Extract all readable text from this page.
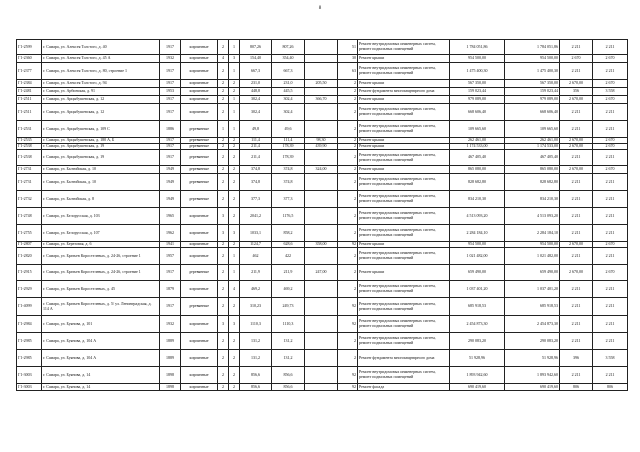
8
Г1-2599	г. Самара, ул. Алексея Толстого, д. 40	1917	кирпичные	2	1	807,26	807,26		51	Ремонт внутридомовых инженерных систем, ремонт подвальных помещений	1 784 051,86	1 784 051,86	2 211	2 211
Г1-2360	г. Самара, ул. Алексея Толстого, д. 45 А	1932	кирпичные	4	3	154,40	354,40		30	Ремонт крыши	954 500,00	954 500,00	2 670	2 670
Г1-2377	г. Самара, ул. Алексея Толстого, д. 80, строение 1	1917	кирпичные	2	1	667,3	667,3		63	Ремонт внутридомовых инженерных систем, ремонт подвальных помещений	1 475 400,30	1 475 400,30	2 211	2 211
Г1-2384	г. Самара, ул. Алексея Толстого, д. 94	1917	кирпичные	2	2	231,0	231,0	205,50	2	Ремонт крыши	567 350,00	567 350,00	2 670,00	2 670
Г1-2481	г. Самара, ул. Арбинская, д. 91	1953	кирпичные	2	2	448,8	445,5		2	Ремонт фундамента многоквартирного дома	159 023,44	159 023,44	356	3 558
Г1-2511	г. Самара, ул. Арцыбушевская, д. 12	1917	кирпичные	2	1	302,4	302,4	366,70	2	Ремонт крыши	979 089,00	979 089,00	2 670,00	2 670
Г1-2511	г. Самара, ул. Арцыбушевская, д. 12	1917	кирпичные	2	1	302,4	302,4		2	Ремонт внутридомовых инженерных систем, ремонт подвальных помещений	668 606,40	668 606,40	2 211	2 211
Г1-2531	г. Самара, ул. Арцыбушевская, д. 109 С	1886	деревянные	1	1	49,8	49,6		2	Ремонт внутридомовых инженерных систем, ремонт подвальных помещений	109 665,60	109 665,60	2 211	2 211
Г1-2535	г. Самара, ул. Арцыбушевская, д. 180 А, Б	1917	деревянные	2	2	111,4	111,4	98,30	2	Ремонт крыши	262 461,00	262 461,00	2 670,00	2 670
Г1-2538	г. Самара, ул. Арцыбушевская, д. 19	1917	деревянные	2	2	211,4	178,39	439,90	2	Ремонт крыши	1 174 533,00	1 174 533,00	2 670,00	2 670
Г1-2538	г. Самара, ул. Арцыбушевская, д. 19	1917	деревянные	2	2	211,4	178,39		2	Ремонт внутридомовых инженерных систем, ремонт подвальных помещений	467 405,40	467 405,40	2 211	2 211
Г1-2731	г. Самара, ул. Балтийская, д. 10	1949	деревянные	2	2	374,8	374,8	324,00	2	Ремонт крыши	865 080,00	865 080,00	2 670,00	2 670
Г1-2731	г. Самара, ул. Балтийская, д. 10	1949	деревянные	2	2	374,8	374,8		2	Ремонт внутридомовых инженерных систем, ремонт подвальных помещений	828 682,80	828 682,80	2 211	2 211
Г1-2732	г. Самара, ул. Балтийская, д. 8	1949	деревянные	2	2	377,3	377,3		2	Ремонт внутридомовых инженерных систем, ремонт подвальных помещений	834 210,30	834 210,30	2 211	2 211
Г1-2748	г. Самара, ул. Белорусская, д. 103	1965	кирпичные	3	2	2041,2	1176,5		2	Ремонт внутридомовых инженерных систем, ремонт подвальных помещений	4 513 093,20	4 513 093,20	2 211	2 211
Г1-2755	г. Самара, ул. Белорусская, д. 107	1962	кирпичные	3	3	1033,1	858,2		2	Ремонт внутридомовых инженерных систем, ремонт подвальных помещений	2 284 184,10	2 284 184,10	2 211	2 211
Г1-2807	г. Самара, ул. Березовая, д. 6	1941	кирпичные	2	2	1124,7	628,6	358,00	92	Ремонт крыши	954 500,00	954 500,00	2 670,00	2 670
Г1-2820	г. Самара, ул. Братьев Коростелевых, д. 24-26, строение 1	1957	кирпичные	2	1	462	422		2	Ремонт внутридомовых инженерных систем, ремонт подвальных помещений	1 021 482,00	1 021 482,00	2 211	2 211
Г1-2915	г. Самара, ул. Братьев Коростелевых, д. 24-26, строение 1	1917	деревянные	2	1	211,9	211,9	247,00	2	Ремонт крыши	659 490,00	659 490,00	2 670,00	2 670
Г1-2929	г. Самара, ул. Братьев Коростелевых, д. 45	1879	кирпичные	2	4	469,2	469,2		2	Ремонт внутридомовых инженерных систем, ремонт подвальных помещений	1 037 401,20	1 037 401,20	2 211	2 211
Г1-4099	г. Самара, ул. Братьев Коростелевых, д. 5/ ул. Ленинградская, д. 114 А	1917	деревянные	2	2	310,23	249,73		92	Ремонт внутридомовых инженерных систем, ремонт подвальных помещений	685 918,53	685 918,53	2 211	2 211
Г1-2984	г. Самара, ул. Буянова, д. 101	1932	кирпичные	3	3	1110,3	1110,3		92	Ремонт внутридомовых инженерных систем, ремонт подвальных помещений	2 454 873,30	2 454 873,30	2 211	2 211
Г1-2985	г. Самара, ул. Буянова, д. 104 А	1889	кирпичные	2	2	131,2	131,2		2	Ремонт внутридомовых инженерных систем, ремонт подвальных помещений	290 083,20	290 083,20	2 211	2 211
Г1-2985	г. Самара, ул. Буянова, д. 104 А	1889	кирпичные	2	2	131,2	131,2		2	Ремонт фундамента многоквартирного дома	51 928,96	51 928,96	396	3 558
Г1-3003	г. Самара, ул. Буянова, д. 14	1898	кирпичные	2	2	856,6	856,6		92	Ремонт внутридомовых инженерных систем, ремонт подвальных помещений	1 893 942,60	1 893 942,60	2 211	2 211
Г1-3003	г. Самара, ул. Буянова, д. 14	1898	кирпичные	2	2	856,6	856,6		92	Ремонт фасада	690 419,60	690 419,60	806	806
